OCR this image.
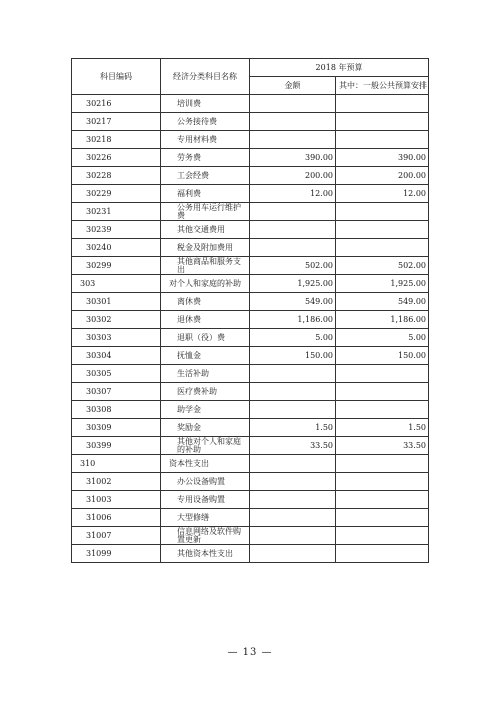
科目编码	经济分类科目名称	2018 年预算	
		金额	其中：一般公共预算安排
30216	培训费		
30217	公务接待费		
30218	专用材料费		
30226	劳务费	390.00	390.00
30228	工会经费	200.00	200.00
30229	福利费	12.00	12.00
30231	公务用车运行维护费		
30239	其他交通费用		
30240	税金及附加费用		
30299	其他商品和服务支出	502.00	502.00
303	对个人和家庭的补助	1,925.00	1,925.00
30301	离休费	549.00	549.00
30302	退休费	1,186.00	1,186.00
30303	退职（役）费	5.00	5.00
30304	抚恤金	150.00	150.00
30305	生活补助		
30307	医疗费补助		
30308	助学金		
30309	奖励金	1.50	1.50
30399	其他对个人和家庭的补助	33.50	33.50
310	资本性支出		
31002	办公设备购置		
31003	专用设备购置		
31006	大型修缮		
31007	信息网络及软件购置更新		
31099	其他资本性支出		
— 13 —
